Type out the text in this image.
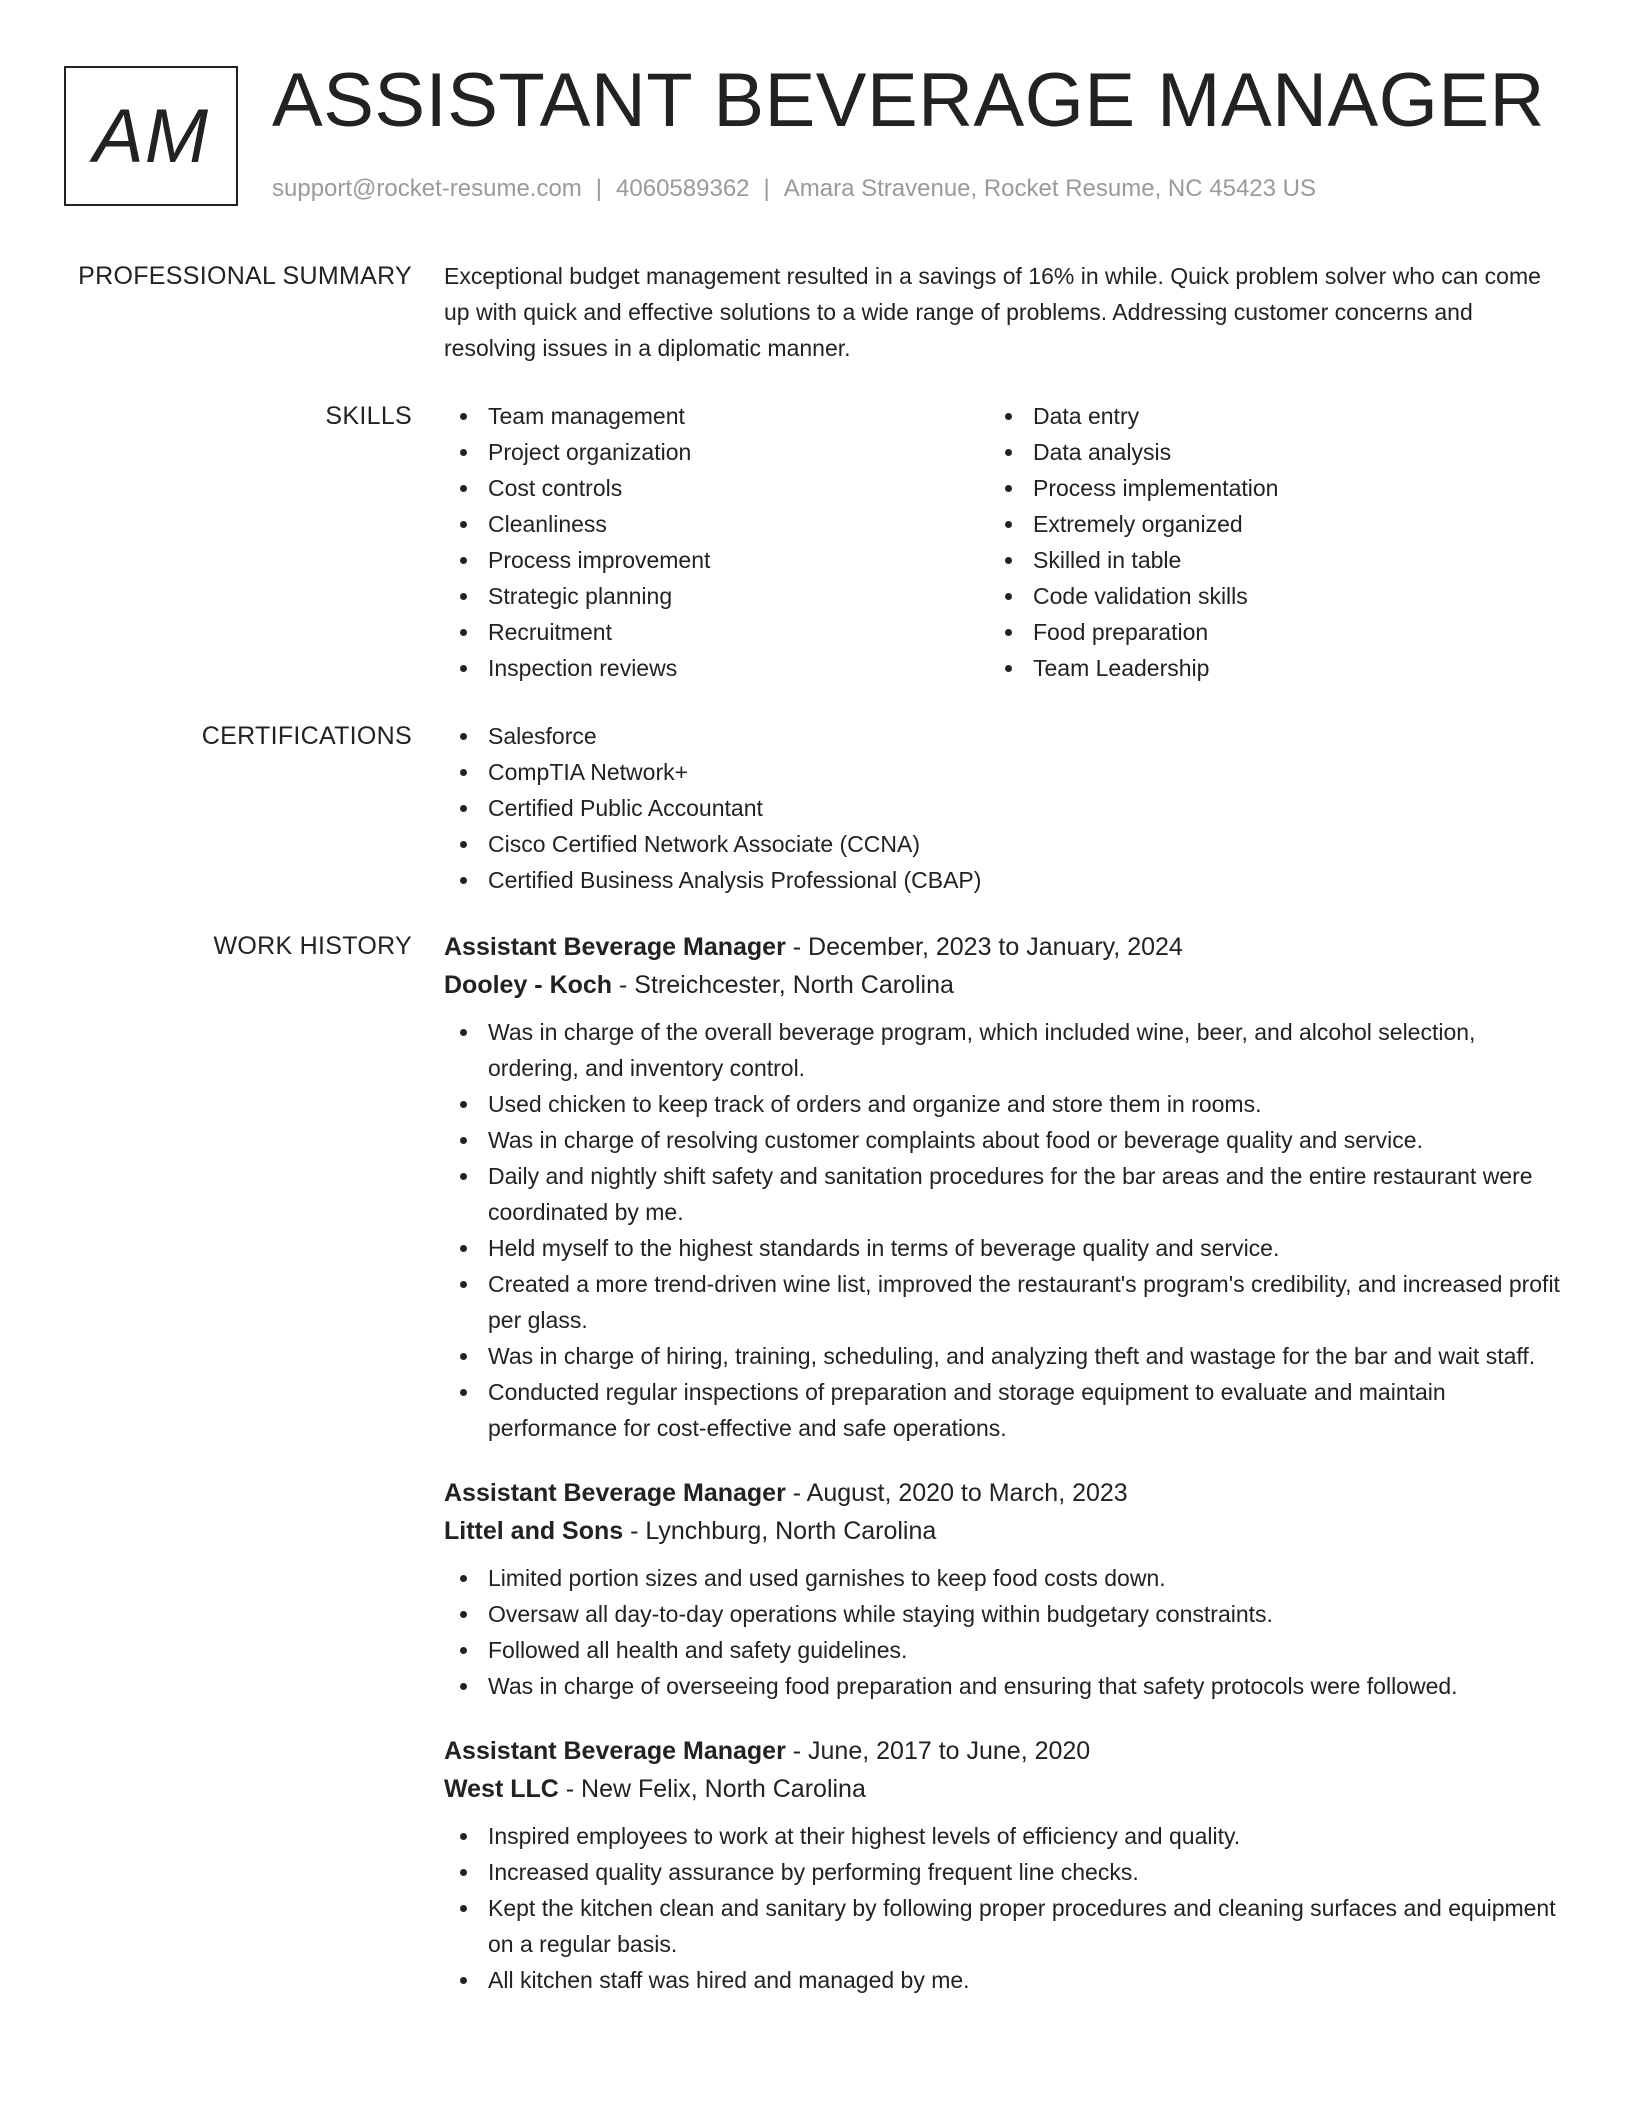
AM ASSISTANT BEVERAGE MANAGER
support@rocket-resume.com | 4060589362 | Amara Stravenue, Rocket Resume, NC 45423 US
PROFESSIONAL SUMMARY Exceptional budget management resulted in a savings of 16% in while. Quick problem solver who can come up with quick and effective solutions to a wide range of problems. Addressing customer concerns and resolving issues in a diplomatic manner.

SKILLS	Team management
Project organization
Cost controls
Cleanliness
Process improvement
Strategic planning
Recruitment
Inspection reviews
Data entry
Data analysis
Process implementation
Extremely organized
Skilled in table
Code validation skills
Food preparation
Team Leadership
CERTIFICATIONS	Salesforce
CompTIA Network+
Certified Public Accountant
Cisco Certified Network Associate (CCNA)
Certified Business Analysis Professional (CBAP)
WORK HISTORY Assistant Beverage Manager - December, 2023 to January, 2024
Dooley - Koch - Streichcester, North Carolina
Was in charge of the overall beverage program, which included wine, beer, and alcohol selection, ordering, and inventory control.
Used chicken to keep track of orders and organize and store them in rooms.
Was in charge of resolving customer complaints about food or beverage quality and service.
Daily and nightly shift safety and sanitation procedures for the bar areas and the entire restaurant were coordinated by me.
Held myself to the highest standards in terms of beverage quality and service.
Created a more trend-driven wine list, improved the restaurant's program's credibility, and increased profit per glass.
Was in charge of hiring, training, scheduling, and analyzing theft and wastage for the bar and wait staff.
Conducted regular inspections of preparation and storage equipment to evaluate and maintain performance for cost-effective and safe operations.
Assistant Beverage Manager - August, 2020 to March, 2023
Littel and Sons - Lynchburg, North Carolina
Limited portion sizes and used garnishes to keep food costs down.
Oversaw all day-to-day operations while staying within budgetary constraints.
Followed all health and safety guidelines.
Was in charge of overseeing food preparation and ensuring that safety protocols were followed.
Assistant Beverage Manager - June, 2017 to June, 2020
West LLC - New Felix, North Carolina
Inspired employees to work at their highest levels of efficiency and quality.
Increased quality assurance by performing frequent line checks.
Kept the kitchen clean and sanitary by following proper procedures and cleaning surfaces and equipment on a regular basis.
All kitchen staff was hired and managed by me.
